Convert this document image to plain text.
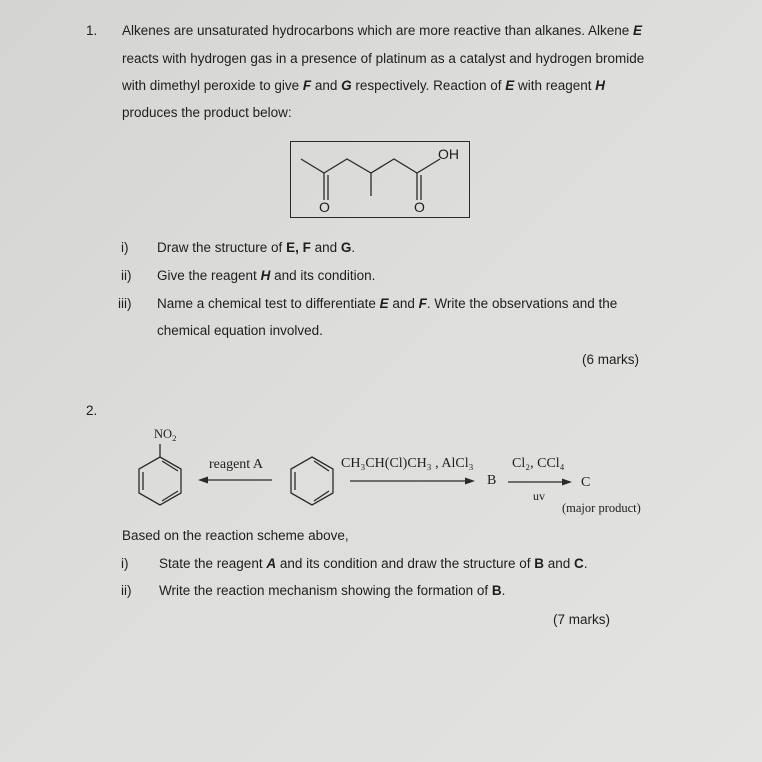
1. Alkenes are unsaturated hydrocarbons which are more reactive than alkanes. Alkene E
reacts with hydrogen gas in a presence of platinum as a catalyst and hydrogen bromide
with dimethyl peroxide to give F and G respectively. Reaction of E with reagent H
produces the product below:
OH
O	O
i) Draw the structure of E, F and G.
ii) Give the reagent H and its condition.
iii) Name a chemical test to differentiate E and F. Write the observations and the
chemical equation involved.
(6 marks)
2.
$NO_2$
reagent A	CH₃CH(Cl)CH₃ , AlCl₃
B
Cl₂, CCl₄
uv
C
(major product)
Based on the reaction scheme above,
i) State the reagent A and its condition and draw the structure of B and C.
ii) Write the reaction mechanism showing the formation of B.
(7 marks)
